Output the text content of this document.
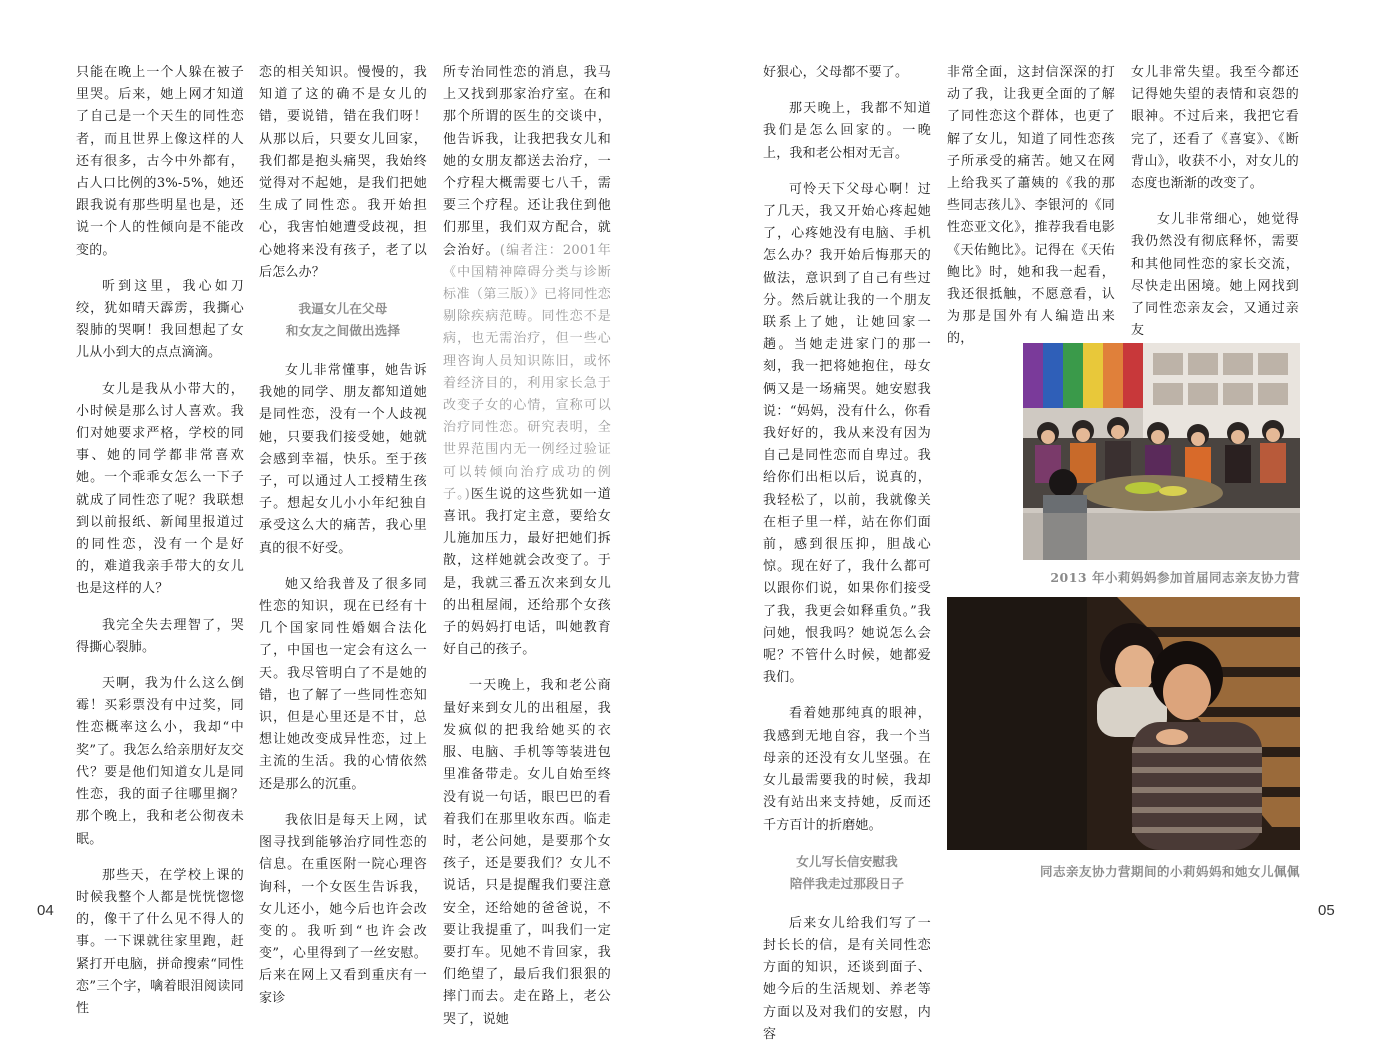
只能在晚上一个人躲在被子里哭。后来，她上网才知道了自己是一个天生的同性恋者，而且世界上像这样的人还有很多，古今中外都有，占人口比例的3%-5%，她还跟我说有那些明星也是，还说一个人的性倾向是不能改变的。

听到这里，我心如刀绞，犹如晴天霹雳，我撕心裂肺的哭啊！我回想起了女儿从小到大的点点滴滴。

女儿是我从小带大的，小时候是那么讨人喜欢。我们对她要求严格，学校的同事、她的同学都非常喜欢她。一个乖乖女怎么一下子就成了同性恋了呢？我联想到以前报纸、新闻里报道过的同性恋，没有一个是好的，难道我亲手带大的女儿也是这样的人？

我完全失去理智了，哭得撕心裂肺。

天啊，我为什么这么倒霉！买彩票没有中过奖，同性恋概率这么小，我却“中奖”了。我怎么给亲朋好友交代？要是他们知道女儿是同性恋，我的面子往哪里搁？那个晚上，我和老公彻夜未眠。

那些天，在学校上课的时候我整个人都是恍恍惚惚的，像干了什么见不得人的事。一下课就往家里跑，赶紧打开电脑，拼命搜索“同性恋”三个字，噙着眼泪阅读同性

恋的相关知识。慢慢的，我知道了这的确不是女儿的错，要说错，错在我们呀！从那以后，只要女儿回家，我们都是抱头痛哭，我始终觉得对不起她，是我们把她生成了同性恋。我开始担心，我害怕她遭受歧视，担心她将来没有孩子，老了以后怎么办？

我逼女儿在父母
和女友之间做出选择

女儿非常懂事，她告诉我她的同学、朋友都知道她是同性恋，没有一个人歧视她，只要我们接受她，她就会感到幸福，快乐。至于孩子，可以通过人工授精生孩子。想起女儿小小年纪独自承受这么大的痛苦，我心里真的很不好受。

她又给我普及了很多同性恋的知识，现在已经有十几个国家同性婚姻合法化了，中国也一定会有这么一天。我尽管明白了不是她的错，也了解了一些同性恋知识，但是心里还是不甘，总想让她改变成异性恋，过上主流的生活。我的心情依然还是那么的沉重。

我依旧是每天上网，试图寻找到能够治疗同性恋的信息。在重医附一院心理咨询科，一个女医生告诉我，女儿还小，她今后也许会改变的。我听到“也许会改变”，心里得到了一丝安慰。后来在网上又看到重庆有一家诊

所专治同性恋的消息，我马上又找到那家治疗室。在和那个所谓的医生的交谈中，他告诉我，让我把我女儿和她的女朋友都送去治疗，一个疗程大概需要七八千，需要三个疗程。还让我住到他们那里，我们双方配合，就会治好。(编者注：2001年《中国精神障碍分类与诊断标准（第三版）》已将同性恋剔除疾病范畴。同性恋不是病，也无需治疗，但一些心理咨询人员知识陈旧，或怀着经济目的，利用家长急于改变子女的心情，宣称可以治疗同性恋。研究表明，全世界范围内无一例经过验证可以转倾向治疗成功的例子。)医生说的这些犹如一道喜讯。我打定主意，要给女儿施加压力，最好把她们拆散，这样她就会改变了。于是，我就三番五次来到女儿的出租屋闹，还给那个女孩子的妈妈打电话，叫她教育好自己的孩子。

一天晚上，我和老公商量好来到女儿的出租屋，我发疯似的把我给她买的衣服、电脑、手机等等装进包里准备带走。女儿自始至终没有说一句话，眼巴巴的看着我们在那里收东西。临走时，老公问她，是要那个女孩子，还是要我们？女儿不说话，只是提醒我们要注意安全，还给她的爸爸说，不要让我提重了，叫我们一定要打车。见她不肯回家，我们绝望了，最后我们狠狠的摔门而去。走在路上，老公哭了，说她

04

好狠心，父母都不要了。

那天晚上，我都不知道我们是怎么回家的。一晚上，我和老公相对无言。

可怜天下父母心啊！过了几天，我又开始心疼起她了，心疼她没有电脑、手机怎么办？我开始后悔那天的做法，意识到了自己有些过分。然后就让我的一个朋友联系上了她，让她回家一趟。当她走进家门的那一刻，我一把将她抱住，母女俩又是一场痛哭。她安慰我说：“妈妈，没有什么，你看我好好的，我从来没有因为自己是同性恋而自卑过。我给你们出柜以后，说真的，我轻松了，以前，我就像关在柜子里一样，站在你们面前，感到很压抑，胆战心惊。现在好了，我什么都可以跟你们说，如果你们接受了我，我更会如释重负。”我问她，恨我吗？她说怎么会呢？不管什么时候，她都爱我们。

看着她那纯真的眼神，我感到无地自容，我一个当母亲的还没有女儿坚强。在女儿最需要我的时候，我却没有站出来支持她，反而还千方百计的折磨她。

女儿写长信安慰我
陪伴我走过那段日子

后来女儿给我们写了一封长长的信，是有关同性恋方面的知识，还谈到面子、她今后的生活规划、养老等方面以及对我们的安慰，内容

非常全面，这封信深深的打动了我，让我更全面的了解了同性恋这个群体，也更了解了女儿，知道了同性恋孩子所承受的痛苦。她又在网上给我买了蕭姨的《我的那些同志孩儿》、李银河的《同性恋亚文化》，推荐我看电影《天佑鲍比》。记得在《天佑鲍比》时，她和我一起看，我还很抵触，不愿意看，认为那是国外有人编造出来的，

女儿非常失望。我至今都还记得她失望的表情和哀怨的眼神。不过后来，我把它看完了，还看了《喜宴》、《断背山》，收获不小，对女儿的态度也渐渐的改变了。

女儿非常细心，她觉得我仍然没有彻底释怀，需要和其他同性恋的家长交流，尽快走出困境。她上网找到了同性恋亲友会，又通过亲友

2013 年小莉妈妈参加首届同志亲友协力营
同志亲友协力营期间的小莉妈妈和她女儿佩佩
05
